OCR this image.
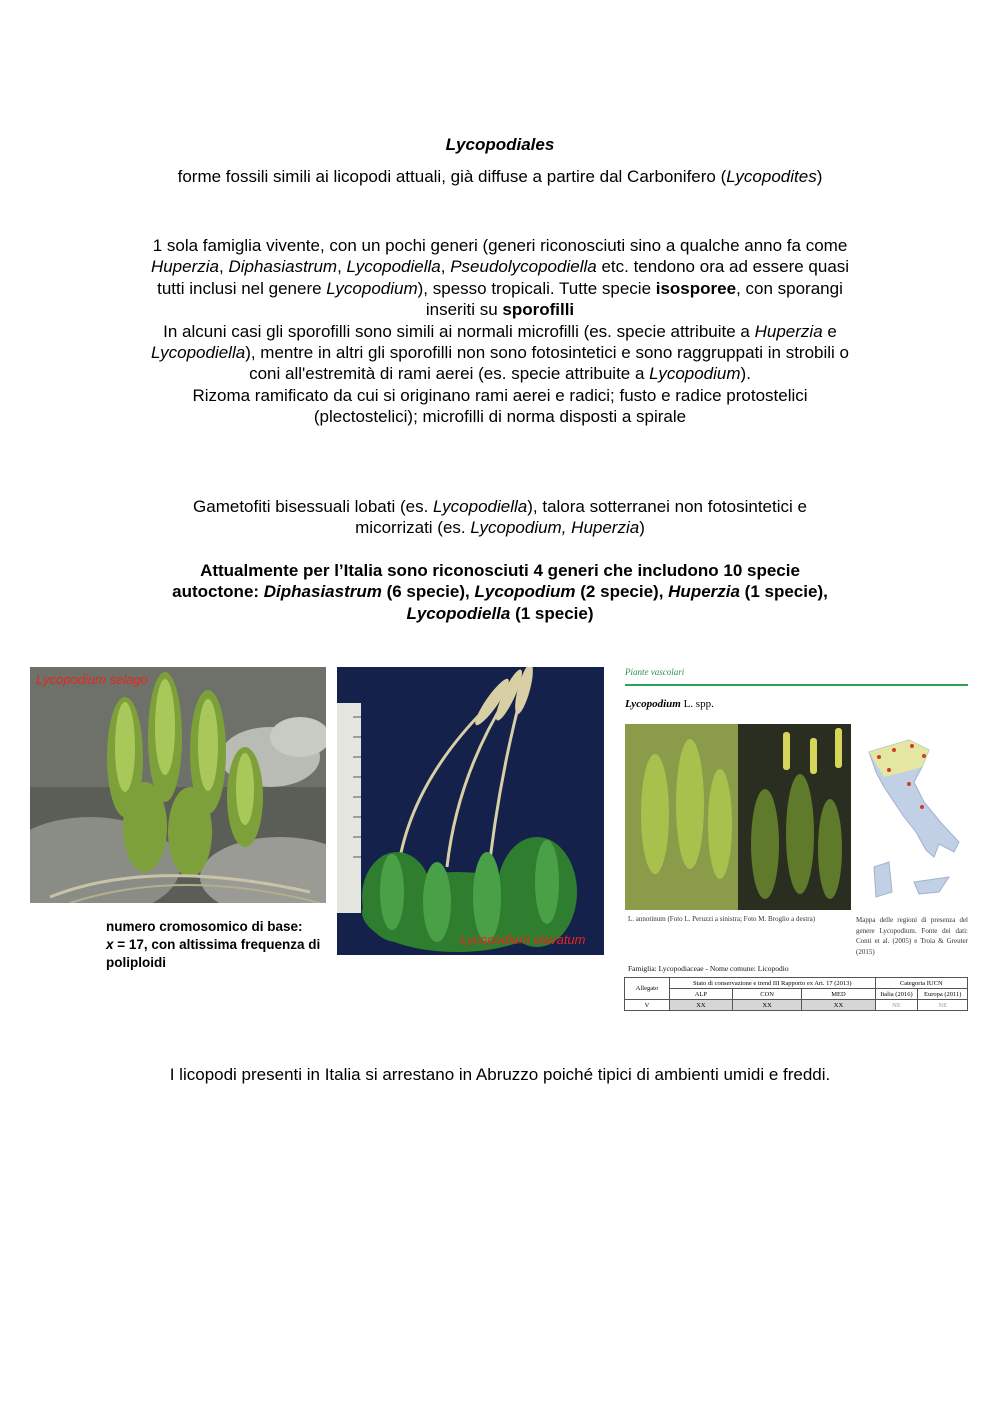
Lycopodiales
forme fossili simili ai licopodi attuali, già diffuse a partire dal Carbonifero (Lycopodites)
1 sola famiglia vivente, con un pochi generi (generi riconosciuti sino a qualche anno fa come Huperzia, Diphasiastrum, Lycopodiella, Pseudolycopodiella etc. tendono ora ad essere quasi tutti inclusi nel genere Lycopodium), spesso tropicali. Tutte specie isosporee, con sporangi inseriti su sporofilli
In alcuni casi gli sporofilli sono simili ai normali microfilli (es. specie attribuite a Huperzia e Lycopodiella), mentre in altri gli sporofilli non sono fotosintetici e sono raggruppati in strobili o coni all'estremità di rami aerei (es. specie attribuite a Lycopodium).
Rizoma ramificato da cui si originano rami aerei e radici; fusto e radice protostelici (plectostelici); microfilli di norma disposti a spirale
Gametofiti bisessuali lobati (es. Lycopodiella), talora sotterranei non fotosintetici e micorrizati (es. Lycopodium, Huperzia)
Attualmente per l’Italia sono riconosciuti 4 generi che includono 10 specie autoctone: Diphasiastrum (6 specie), Lycopodium (2 specie), Huperzia (1 specie), Lycopodiella (1 specie)
Lycopodium selago
numero cromosomico di base:
x = 17, con altissima frequenza di poliploidi
Lycopodium clavatum
Piante vascolari
Lycopodium L. spp.
L. annotinum (Foto L. Peruzzi a sinistra; Foto M. Broglio a destra)	Mappa delle regioni di presenza del genere Lycopodium. Fonte dei dati: Conti et al. (2005) e Troia & Greuter (2015)
Famiglia: Lycopodiaceae - Nome comune: Licopodio
Allegato	Stato di conservazione e trend III Rapporto ex Art. 17 (2013)			Categoria IUCN	
	ALP	CON	MED	Italia (2016)	Europa (2011)
V	XX	XX	XX	NE	NE
I licopodi presenti in Italia si arrestano in Abruzzo poiché tipici di ambienti umidi e freddi.
